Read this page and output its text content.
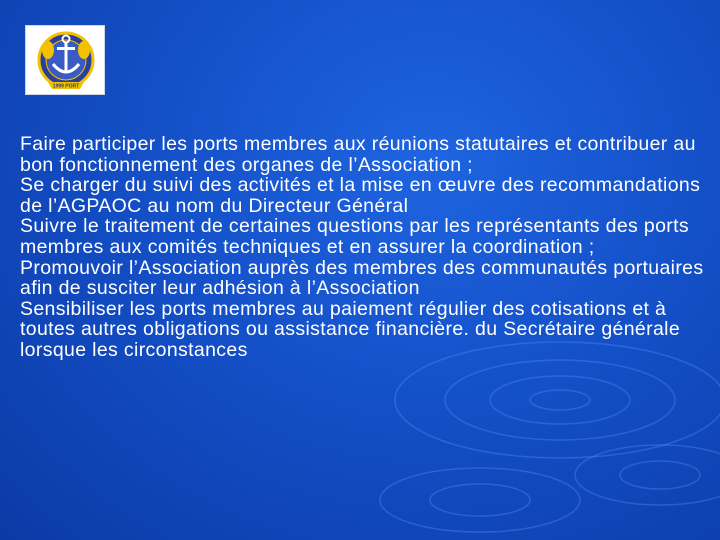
1999 PORT

Faire participer les ports membres aux réunions statutaires et contribuer au bon fonctionnement des organes de l’Association ;

Se charger du suivi des activités et la mise en œuvre des recommandations de l’AGPAOC au nom du Directeur Général

Suivre le traitement de certaines questions par les représentants des ports membres aux comités techniques et en assurer la coordination ;

Promouvoir l’Association auprès des membres des communautés portuaires afin de susciter leur adhésion à l’Association

Sensibiliser les ports membres au paiement régulier des cotisations et à toutes autres obligations ou assistance financière. du Secrétaire générale lorsque les circonstances
